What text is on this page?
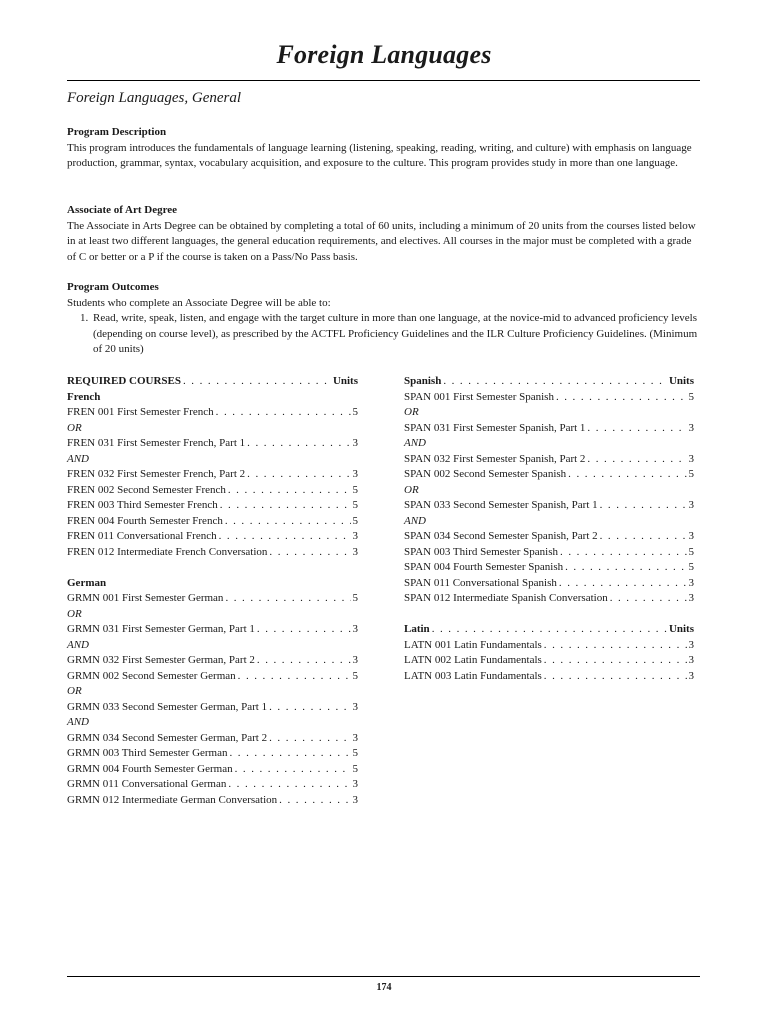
Foreign Languages
Foreign Languages, General
Program Description

This program introduces the fundamentals of language learning (listening, speaking, reading, writing, and culture) with emphasis on language production, grammar, syntax, vocabulary acquisition, and exposure to the culture. This program provides study in more than one language.

Associate of Art Degree

The Associate in Arts Degree can be obtained by completing a total of 60 units, including a minimum of 20 units from the courses listed below in at least two different languages, the general education requirements, and electives. All courses in the major must be completed with a grade of C or better or a P if the course is taken on a Pass/No Pass basis.

Program Outcomes

Students who complete an Associate Degree will be able to:

1. Read, write, speak, listen, and engage with the target culture in more than one language, at the novice-mid to advanced proficiency levels (depending on course level), as prescribed by the ACTFL Proficiency Guidelines and the ILR Culture Proficiency Guidelines. (Minimum of 20 units)
REQUIRED COURSES . . .	Units
French
FREN 001 First Semester French . . .	5
OR
FREN 031 First Semester French, Part 1 . . .	3
AND
FREN 032 First Semester French, Part 2 . . .	3
FREN 002 Second Semester French . . .	5
FREN 003 Third Semester French . . .	5
FREN 004 Fourth Semester French . . .	5
FREN 011 Conversational French . . .	3
FREN 012 Intermediate French Conversation . . .	3
German
GRMN 001 First Semester German . . .	5
OR
GRMN 031 First Semester German, Part 1 . . .	3
AND
GRMN 032 First Semester German, Part 2 . . .	3
GRMN 002 Second Semester German . . .	5
OR
GRMN 033 Second Semester German, Part 1 . . .	3
AND
GRMN 034 Second Semester German, Part 2 . . .	3
GRMN 003 Third Semester German . . .	5
GRMN 004 Fourth Semester German . . .	5
GRMN 011 Conversational German . . .	3
GRMN 012 Intermediate German Conversation . . .	3
Spanish . . .	Units
SPAN 001 First Semester Spanish . . .	5
OR
SPAN 031 First Semester Spanish, Part 1 . . .	3
AND
SPAN 032 First Semester Spanish, Part 2 . . .	3
SPAN 002 Second Semester Spanish . . .	5
OR
SPAN 033 Second Semester Spanish, Part 1 . . .	3
AND
SPAN 034 Second Semester Spanish, Part 2 . . .	3
SPAN 003 Third Semester Spanish . . .	5
SPAN 004 Fourth Semester Spanish . . .	5
SPAN 011 Conversational Spanish . . .	3
SPAN 012 Intermediate Spanish Conversation . . .	3
Latin . . .	Units
LATN 001 Latin Fundamentals . . .	3
LATN 002 Latin Fundamentals . . .	3
LATN 003 Latin Fundamentals . . .	3
174
